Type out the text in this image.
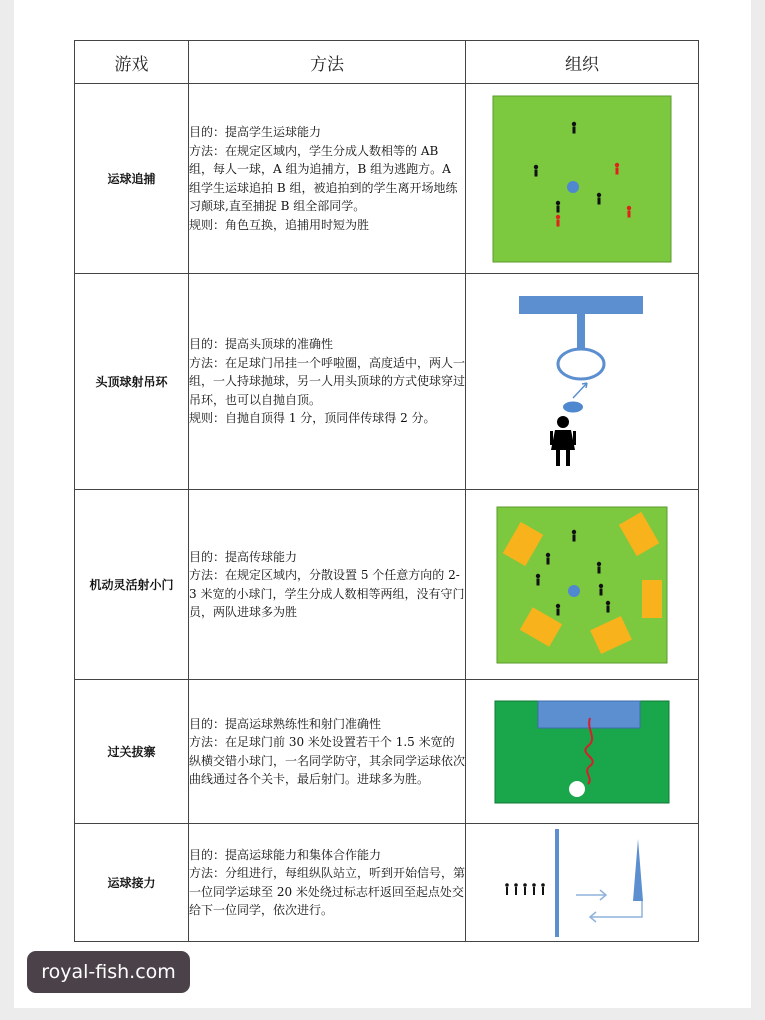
游戏	方法	组织
运球追捕	目的：提高学生运球能力
方法：在规定区域内，学生分成人数相等的 AB 组，每人一球，A 组为追捕方，B 组为逃跑方。A 组学生运球追拍 B 组，被追拍到的学生离开场地练习颠球,直至捕捉 B 组全部同学。
规则：角色互换，追捕用时短为胜

头顶球射吊环	目的：提高头顶球的准确性
方法：在足球门吊挂一个呼啦圈，高度适中，两人一组，一人持球抛球，另一人用头顶球的方式使球穿过吊环，也可以自抛自顶。
规则：自抛自顶得 1 分，顶同伴传球得 2 分。

机动灵活射小门	目的：提高传球能力
方法：在规定区域内，分散设置 5 个任意方向的 2-3 米宽的小球门，学生分成人数相等两组，没有守门员，两队进球多为胜

过关拔寨	目的：提高运球熟练性和射门准确性
方法：在足球门前 30 米处设置若干个 1.5 米宽的纵横交错小球门，一名同学防守，其余同学运球依次曲线通过各个关卡，最后射门。进球多为胜。

运球接力	目的：提高运球能力和集体合作能力
方法：分组进行，每组纵队站立，听到开始信号，第一位同学运球至 20 米处绕过标志杆返回至起点处交给下一位同学，依次进行。

royal-fish.com
